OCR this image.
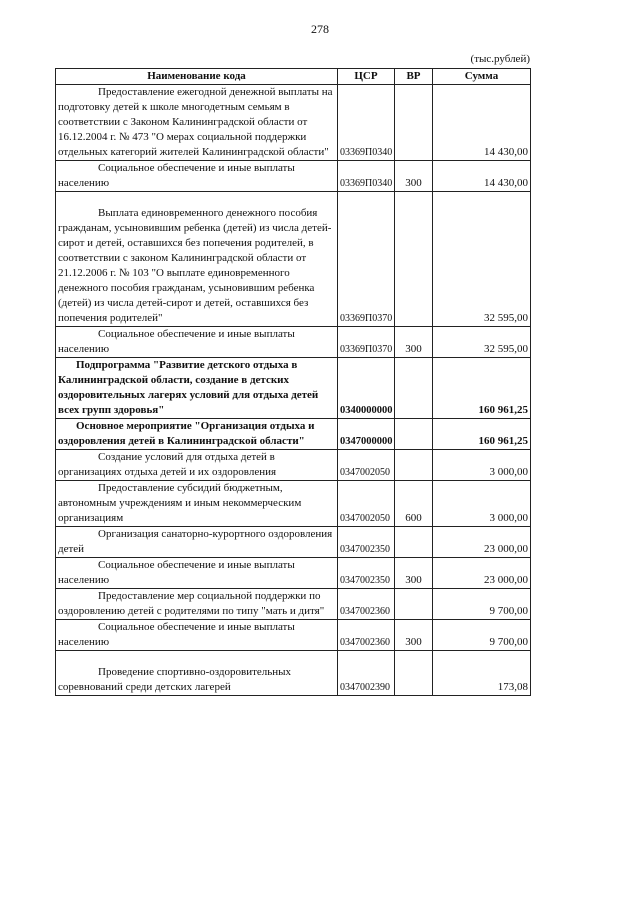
278
(тыс.рублей)
Наименование кода	ЦСР	ВР	Сумма

Предоставление ежегодной денежной выплаты на подготовку детей к школе многодетным семьям в соответствии с Законом Калининградской области от 16.12.2004 г. № 473 "О мерах социальной поддержки отдельных категорий жителей Калининградской области"	03369П0340		14 430,00

Социальное обеспечение и иные выплаты населению	03369П0340	300	14 430,00

Выплата единовременного денежного пособия гражданам, усыновившим ребенка (детей) из числа детей-сирот и детей, оставшихся без попечения родителей, в соответствии с законом Калининградской области от 21.12.2006 г. № 103 "О выплате единовременного денежного пособия гражданам, усыновившим ребенка (детей) из числа детей-сирот и детей, оставшихся без попечения родителей"	03369П0370		32 595,00

Социальное обеспечение и иные выплаты населению	03369П0370	300	32 595,00

Подпрограмма "Развитие детского отдыха в Калининградской области, создание в детских оздоровительных лагерях условий для отдыха детей всех групп здоровья"	0340000000		160 961,25

Основное мероприятие "Организация отдыха и оздоровления детей в Калининградской области"	0347000000		160 961,25

Создание условий для отдыха детей в организациях отдыха детей и их оздоровления	0347002050		3 000,00

Предоставление субсидий бюджетным, автономным учреждениям и иным некоммерческим организациям	0347002050	600	3 000,00

Организация санаторно-курортного оздоровления детей	0347002350		23 000,00

Социальное обеспечение и иные выплаты населению	0347002350	300	23 000,00

Предоставление мер социальной поддержки по оздоровлению детей с родителями по типу "мать и дитя"	0347002360		9 700,00

Социальное обеспечение и иные выплаты населению	0347002360	300	9 700,00

Проведение спортивно-оздоровительных соревнований среди детских лагерей	0347002390		173,08
